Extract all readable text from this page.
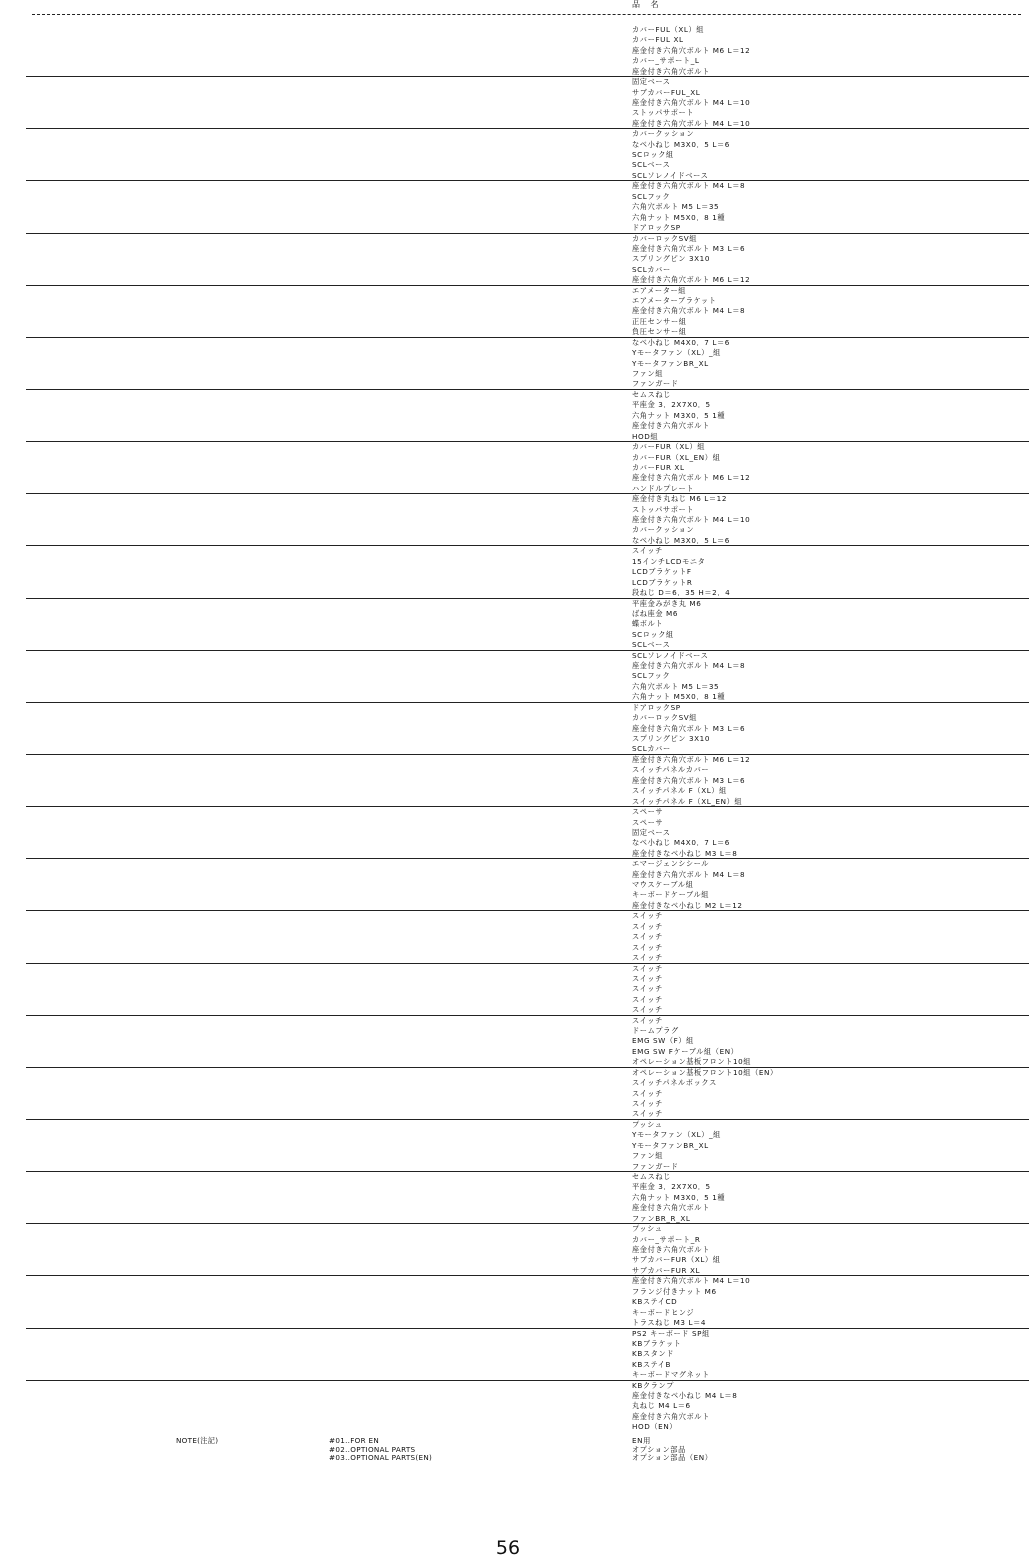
品 名
カバーFUL（XL）組
カバーFUL XL
座金付き六角穴ボルト M6 L＝12
カバー_サポート_L
座金付き六角穴ボルト
固定ベース
サブカバーFUL_XL
座金付き六角穴ボルト M4 L＝10
ストッパサポート
座金付き六角穴ボルト M4 L＝10
カバークッション
なべ小ねじ M3X0．5 L＝6
SCロック組
SCLベース
SCLソレノイドベース
座金付き六角穴ボルト M4 L＝8
SCLフック
六角穴ボルト M5 L＝35
六角ナット M5X0．8 1種
ドアロックSP
カバーロックSV組
座金付き六角穴ボルト M3 L＝6
スプリングピン 3X10
SCLカバー
座金付き六角穴ボルト M6 L＝12
エアメーター組
エアメーターブラケット
座金付き六角穴ボルト M4 L＝8
正圧センサー組
負圧センサー組
なべ小ねじ M4X0．7 L＝6
Yモータファン（XL）_組
YモータファンBR_XL
ファン組
ファンガード
セムスねじ
平座金 3．2X7X0．5
六角ナット M3X0．5 1種
座金付き六角穴ボルト
HOD組
カバーFUR（XL）組
カバーFUR（XL_EN）組
カバーFUR XL
座金付き六角穴ボルト M6 L＝12
ハンドルプレート
座金付き丸ねじ M6 L＝12
ストッパサポート
座金付き六角穴ボルト M4 L＝10
カバークッション
なべ小ねじ M3X0．5 L＝6
スイッチ
15インチLCDモニタ
LCDブラケットF
LCDブラケットR
段ねじ D＝6．35 H＝2．4
平座金みがき丸 M6
ばね座金 M6
蝶ボルト
SCロック組
SCLベース
SCLソレノイドベース
座金付き六角穴ボルト M4 L＝8
SCLフック
六角穴ボルト M5 L＝35
六角ナット M5X0．8 1種
ドアロックSP
カバーロックSV組
座金付き六角穴ボルト M3 L＝6
スプリングピン 3X10
SCLカバー
座金付き六角穴ボルト M6 L＝12
スイッチパネルカバー
座金付き六角穴ボルト M3 L＝6
スイッチパネル F（XL）組
スイッチパネル F（XL_EN）組
スペーサ
スペーサ
固定ベース
なべ小ねじ M4X0．7 L＝6
座金付きなべ小ねじ M3 L＝8
エマージェンシシール
座金付き六角穴ボルト M4 L＝8
マウスケーブル組
キーボードケーブル組
座金付きなべ小ねじ M2 L＝12
スイッチ
スイッチ
スイッチ
スイッチ
スイッチ
スイッチ
スイッチ
スイッチ
スイッチ
スイッチ
スイッチ
ドームプラグ
EMG SW（F）組
EMG SW Fケーブル組（EN）
オペレーション基板フロント10組
オペレーション基板フロント10組（EN）
スイッチパネルボックス
スイッチ
スイッチ
スイッチ
プッシュ
Yモータファン（XL）_組
YモータファンBR_XL
ファン組
ファンガード
セムスねじ
平座金 3．2X7X0．5
六角ナット M3X0．5 1種
座金付き六角穴ボルト
ファンBR_R_XL
プッシュ
カバー_サポート_R
座金付き六角穴ボルト
サブカバーFUR（XL）組
サブカバーFUR XL
座金付き六角穴ボルト M4 L＝10
フランジ付きナット M6
KBステイCD
キーボードヒンジ
トラスねじ M3 L＝4
PS2 キーボード SP組
KBブラケット
KBスタンド
KBステイB
キーボードマグネット
KBクランプ
座金付きなべ小ねじ M4 L＝8
丸ねじ M4 L＝6
座金付き六角穴ボルト
HOD（EN）
NOTE(注記)	#01..FOR EN
#02..OPTIONAL PARTS
#03..OPTIONAL PARTS(EN)
EN用
オプション部品
オプション部品（EN）
56
